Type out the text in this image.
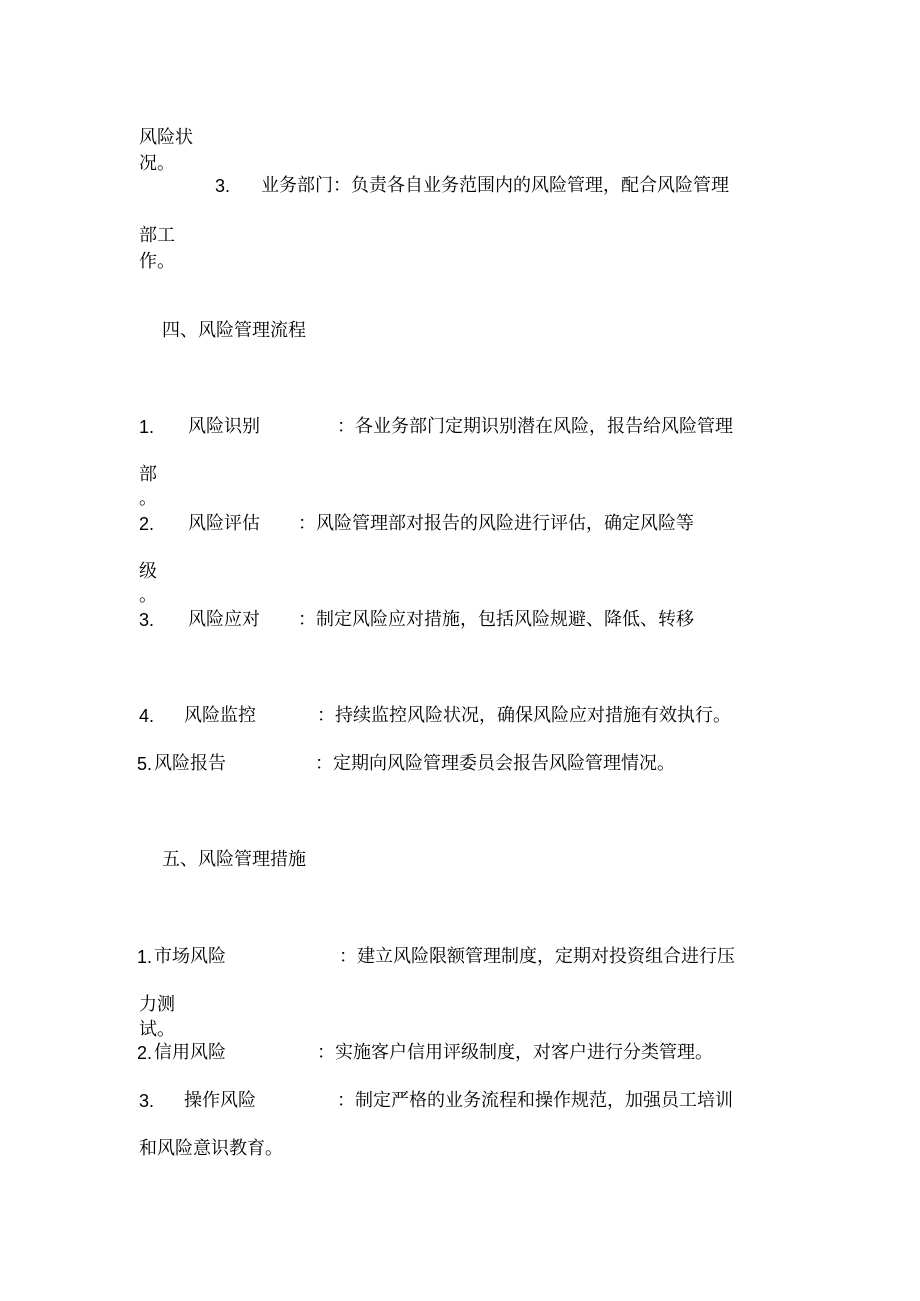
风险状

况。

3. 业务部门：负责各自业务范围内的风险管理，配合风险管理

部工

作。

四、风险管理流程

1. 风险识别	：各业务部门定期识别潜在风险，报告给风险管理

部

。

2. 风险评估 ：风险管理部对报告的风险进行评估，确定风险等

级

。

3. 风险应对 ：制定风险应对措施，包括风险规避、降低、转移

4. 风险监控	：持续监控风险状况，确保风险应对措施有效执行。

5. 风险报告	：定期向风险管理委员会报告风险管理情况。

五、风险管理措施

1. 市场风险	：建立风险限额管理制度，定期对投资组合进行压

力测

试。

2. 信用风险	：实施客户信用评级制度，对客户进行分类管理。

3. 操作风险	：制定严格的业务流程和操作规范，加强员工培训

和风险意识教育。
